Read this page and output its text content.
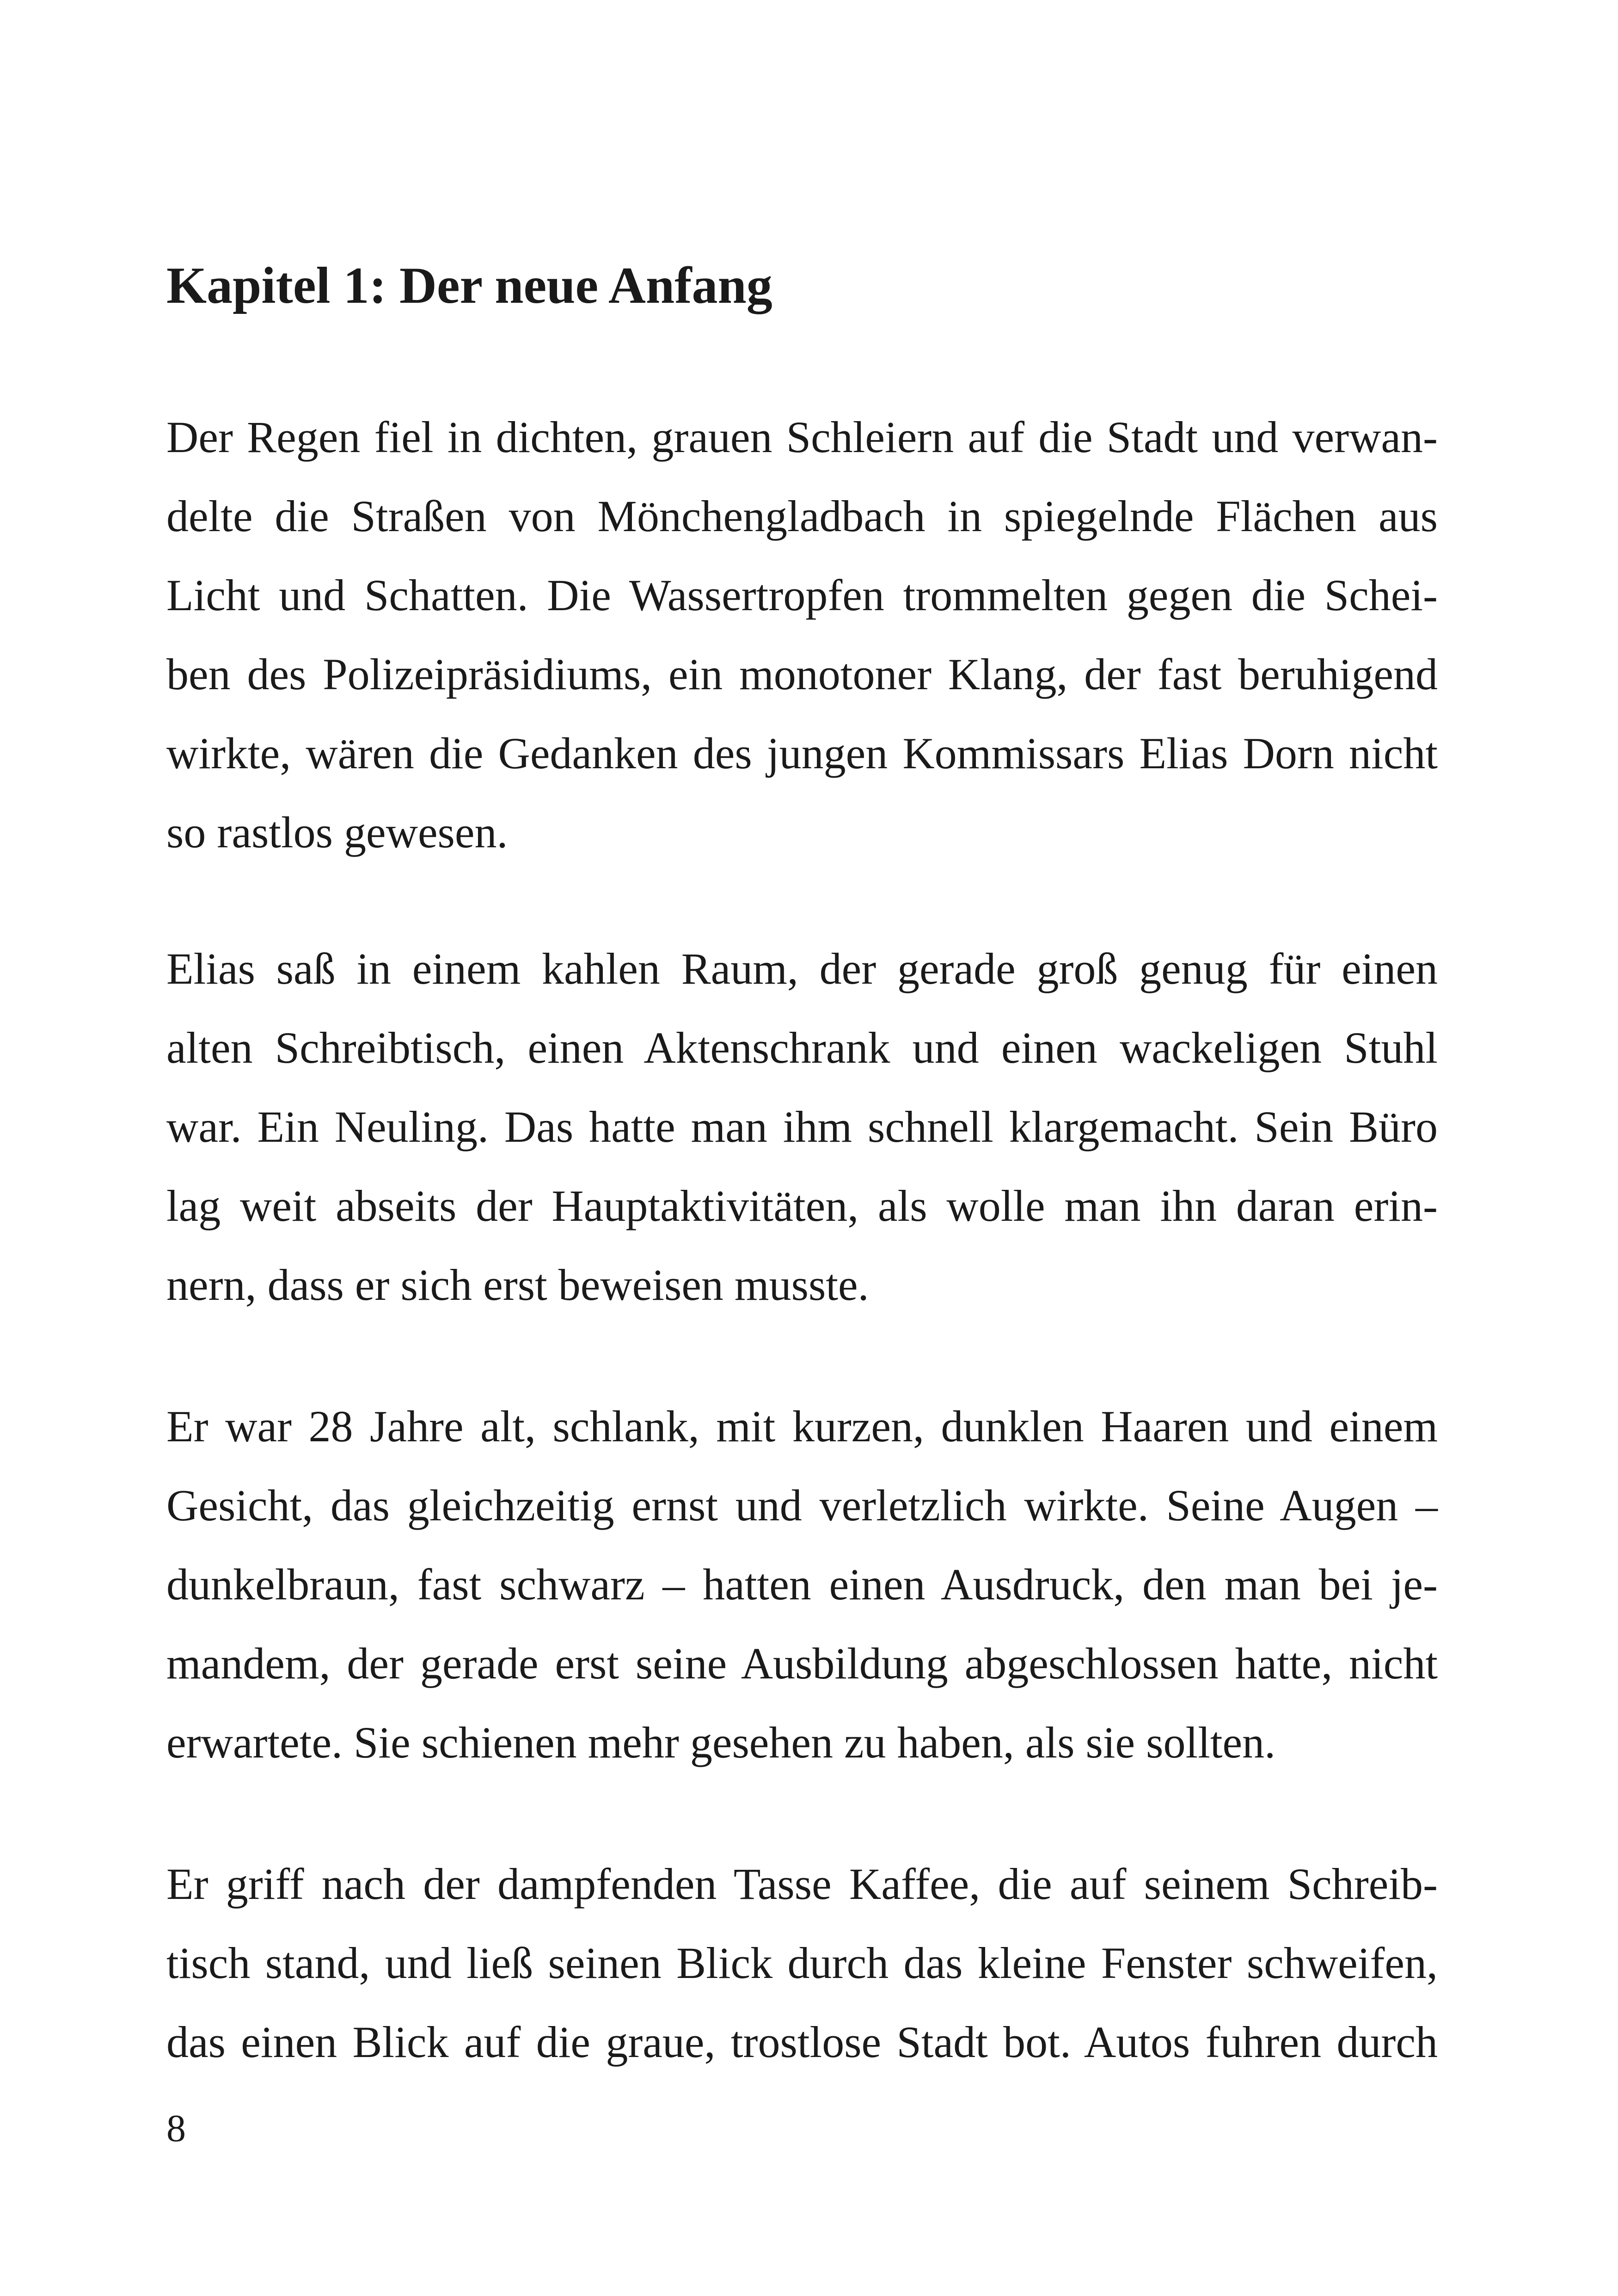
Kapitel 1: Der neue Anfang

Der Regen fiel in dichten, grauen Schleiern auf die Stadt und verwan-
delte die Straßen von Mönchengladbach in spiegelnde Flächen aus
Licht und Schatten. Die Wassertropfen trommelten gegen die Schei-
ben des Polizeipräsidiums, ein monotoner Klang, der fast beruhigend
wirkte, wären die Gedanken des jungen Kommissars Elias Dorn nicht
so rastlos gewesen.

Elias saß in einem kahlen Raum, der gerade groß genug für einen
alten Schreibtisch, einen Aktenschrank und einen wackeligen Stuhl
war. Ein Neuling. Das hatte man ihm schnell klargemacht. Sein Büro
lag weit abseits der Hauptaktivitäten, als wolle man ihn daran erin-
nern, dass er sich erst beweisen musste.

Er war 28 Jahre alt, schlank, mit kurzen, dunklen Haaren und einem
Gesicht, das gleichzeitig ernst und verletzlich wirkte. Seine Augen –
dunkelbraun, fast schwarz – hatten einen Ausdruck, den man bei je-
mandem, der gerade erst seine Ausbildung abgeschlossen hatte, nicht
erwartete. Sie schienen mehr gesehen zu haben, als sie sollten.

Er griff nach der dampfenden Tasse Kaffee, die auf seinem Schreib-
tisch stand, und ließ seinen Blick durch das kleine Fenster schweifen,
das einen Blick auf die graue, trostlose Stadt bot. Autos fuhren durch

8
